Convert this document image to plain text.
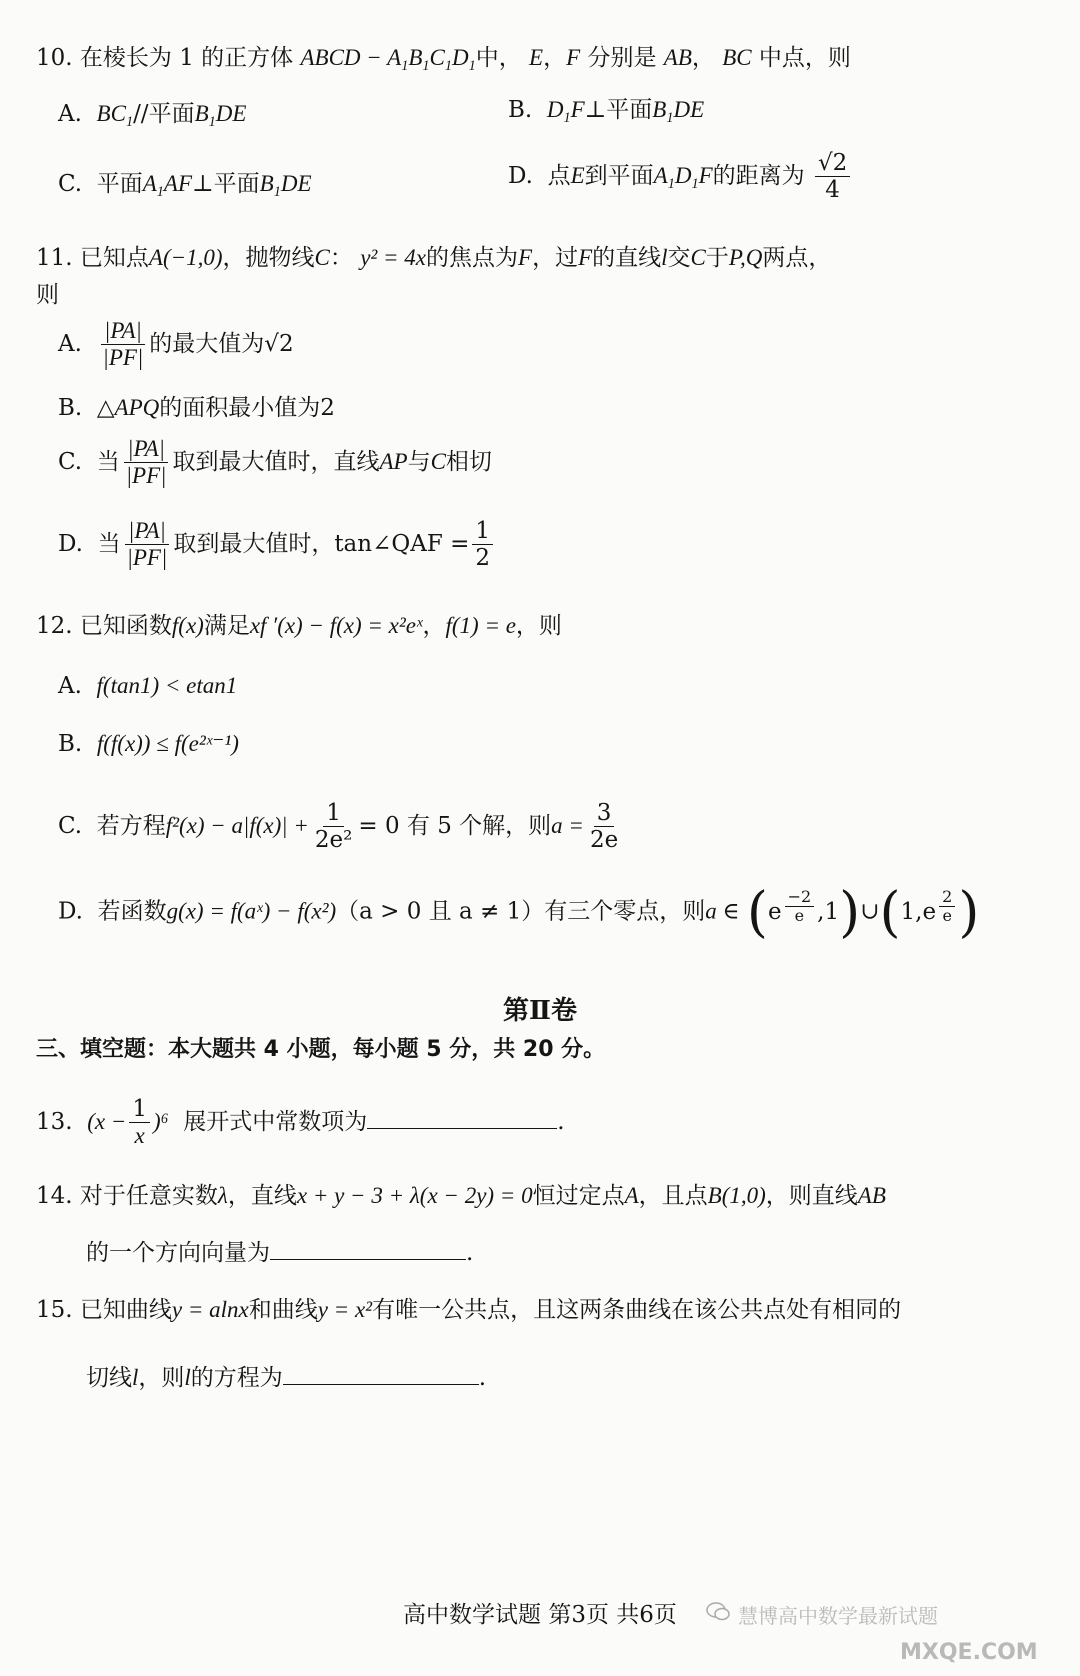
10. 在棱长为 1 的正方体 ABCD − $A_1B_1C_1D_1$中， E，F 分别是 AB， BC 中点，则
A. $BC_1//$平面$B_1DE$	B. $D_1F\perp$平面$B_1DE$
C. 平面$A_1AF\perp$平面$B_1DE$	D. 点E到平面$A_1D_1F$的距离为 $\frac{√2}{4}$
11. 已知点A(−1,0)，抛物线C： y² = 4x的焦点为F，过F的直线l交C于P,Q两点，
则
A. $\frac{|PA|}{|PF|}$ 的最大值为√2
B. △APQ的面积最小值为2
C. 当 $\frac{|PA|}{|PF|}$ 取到最大值时，直线AP与C相切
D. 当 $\frac{|PA|}{|PF|}$ 取到最大值时，tan∠QAF = $\frac{1}{2}$
12. 已知函数f(x)满足xf ′(x) − f(x) = x²eˣ，f(1) = e，则
A. f(tan1) < etan1
B. f(f(x)) ≤ f(e²ˣ⁻¹)
C. 若方程$f^2(x) - a|f(x)| + \frac{1}{\text{2e²}} = 0$ 有 5 个解，则$a = \frac{3}{2e}$
D. 若函数g(x) = f(aˣ) − f(x²)（a > 0 且 a ≠ 1）有三个零点，则a ∈ (e $^{\frac{-2}{e}}$ ,1)∪(1,e $^{\frac{2}{e}}$ )
第Ⅱ卷
三、填空题：本大题共 4 小题，每小题 5 分，共 20 分。
13. $(x - \frac{1}{x} )^6$ 展开式中常数项为	.
14. 对于任意实数λ，直线x + y − 3 + λ(x − 2y) = 0恒过定点A，且点B(1,0)，则直线AB
的一个方向向量为	.
15. 已知曲线y = alnx和曲线y = x²有唯一公共点，且这两条曲线在该公共点处有相同的
切线l，则l的方程为	.
高中数学试题 第3页 共6页	慧博高中数学最新试题
MXQE.COM
